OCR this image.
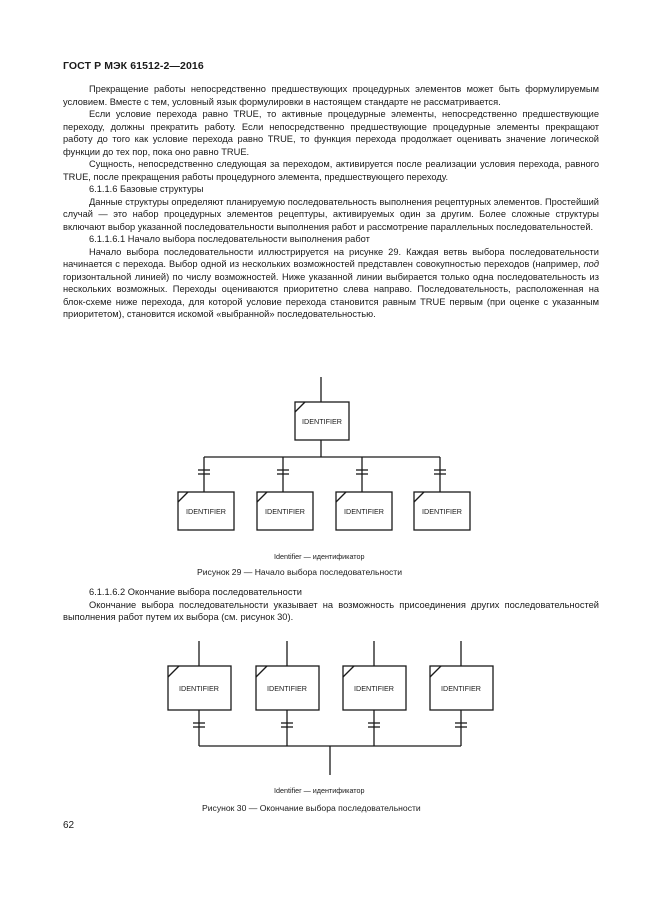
ГОСТ Р МЭК 61512-2—2016

Прекращение работы непосредственно предшествующих процедурных элементов может быть формулируемым условием. Вместе с тем, условный язык формулировки в настоящем стандарте не рассматривается.

Если условие перехода равно TRUE, то активные процедурные элементы, непосредственно предшествующие переходу, должны прекратить работу. Если непосредственно предшествующие процедурные элементы прекращают работу до того как условие перехода равно TRUE, то функция перехода продолжает оценивать значение логической функции до тех пор, пока оно равно TRUE.

Сущность, непосредственно следующая за переходом, активируется после реализации условия перехода, равного TRUE, после прекращения работы процедурного элемента, предшествующего переходу.

6.1.1.6 Базовые структуры

Данные структуры определяют планируемую последовательность выполнения рецептурных элементов. Простейший случай — это набор процедурных элементов рецептуры, активируемых один за другим. Более сложные структуры включают выбор указанной последовательности выполнения работ и рассмотрение параллельных последовательностей.

6.1.1.6.1 Начало выбора последовательности выполнения работ

Начало выбора последовательности иллюстрируется на рисунке 29. Каждая ветвь выбора последовательности начинается с перехода. Выбор одной из нескольких возможностей представлен совокупностью переходов (например, под горизонтальной линией) по числу возможностей. Ниже указанной линии выбирается только одна последовательность из нескольких возможных. Переходы оцениваются приоритетно слева направо. Последовательность, расположенная на блок-схеме ниже перехода, для которой условие перехода становится равным TRUE первым (при оценке с указанным приоритетом), становится искомой «выбранной» последовательностью.

IDENTIFIER
IDENTIFIER	IDENTIFIER	IDENTIFIER	IDENTIFIER
Identifier — идентификатор
Рисунок 29 — Начало выбора последовательности

6.1.1.6.2 Окончание выбора последовательности

Окончание выбора последовательности указывает на возможность присоединения других последовательностей выполнения работ путем их выбора (см. рисунок 30).

IDENTIFIER	IDENTIFIER	IDENTIFIER	IDENTIFIER
Identifier — идентификатор
Рисунок 30 — Окончание выбора последовательности
62
